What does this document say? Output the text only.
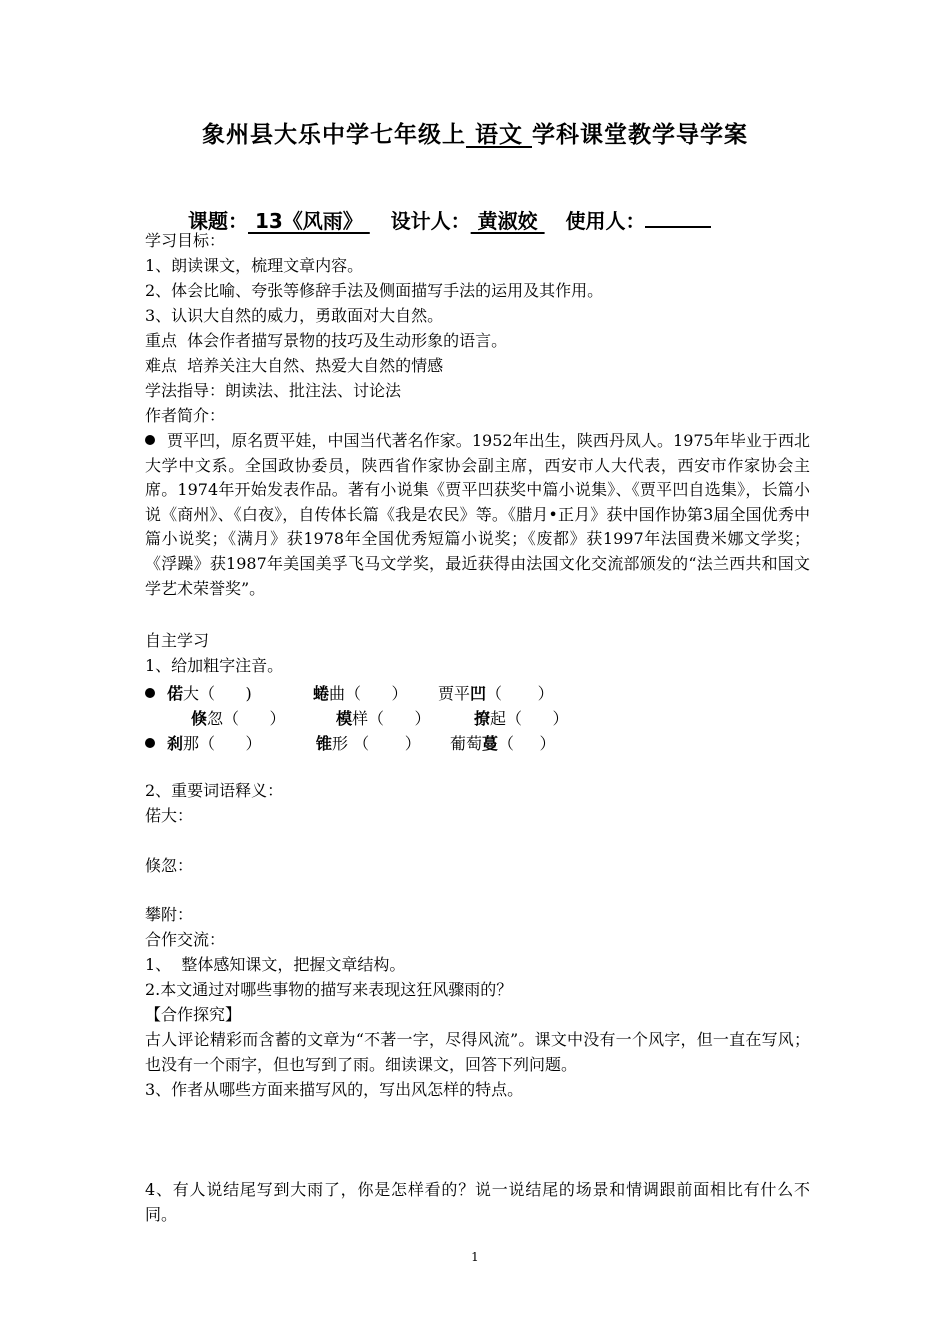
象州县大乐中学七年级上 语文 学科课堂教学导学案
课题： 13《风雨》    设计人： 黄淑姣    使用人：
学习目标：
1、朗读课文，梳理文章内容。
2、体会比喻、夸张等修辞手法及侧面描写手法的运用及其作用。
3、认识大自然的威力，勇敢面对大自然。
重点  体会作者描写景物的技巧及生动形象的语言。
难点  培养关注大自然、热爱大自然的情感
学法指导：朗读法、批注法、讨论法
作者简介：
贾平凹，原名贾平娃，中国当代著名作家。1952年出生，陕西丹凤人。1975年毕业于西北大学中文系。全国政协委员，陕西省作家协会副主席，西安市人大代表，西安市作家协会主席。1974年开始发表作品。著有小说集《贾平凹获奖中篇小说集》、《贾平凹自选集》，长篇小说《商州》、《白夜》，自传体长篇《我是农民》等。《腊月•正月》获中国作协第3届全国优秀中篇小说奖；《满月》获1978年全国优秀短篇小说奖；《废都》获1997年法国费米娜文学奖；《浮躁》获1987年美国美孚飞马文学奖，最近获得由法国文化交流部颁发的“法兰西共和国文学艺术荣誉奖”。
自主学习
1、给加粗字注音。
偌大（      )	蜷曲（      ） 贾平凹（       ）
倏忽（      ）	模样（      ）	撩起（      ）
刹那（      ）	锥形 （       ） 葡萄蔓（     ）
2、重要词语释义：
偌大：
倏忽：
攀附：
合作交流：
1、  整体感知课文，把握文章结构。
2.本文通过对哪些事物的描写来表现这狂风骤雨的？
【合作探究】
古人评论精彩而含蓄的文章为“不著一字，尽得风流”。课文中没有一个风字，但一直在写风；也没有一个雨字，但也写到了雨。细读课文，回答下列问题。
3、作者从哪些方面来描写风的，写出风怎样的特点。
4、有人说结尾写到大雨了，你是怎样看的？说一说结尾的场景和情调跟前面相比有什么不同。
1
